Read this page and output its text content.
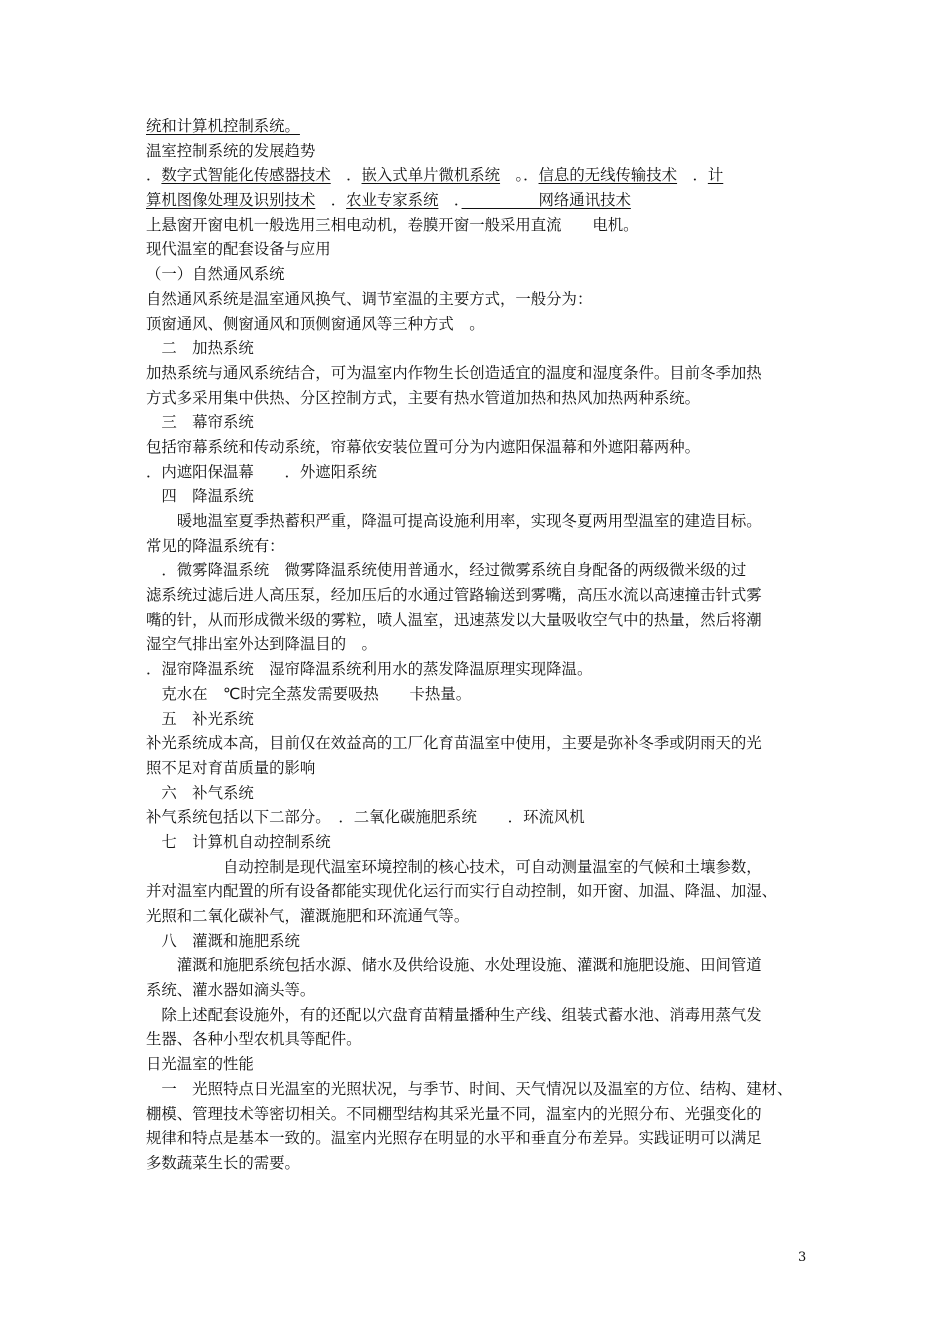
统和计算机控制系统。
温室控制系统的发展趋势
．数字式智能化传感器技术　．嵌入式单片微机系统　。．信息的无线传输技术　．计
算机图像处理及识别技术　．农业专家系统　．　　　　　网络通讯技术
上悬窗开窗电机一般选用三相电动机，卷膜开窗一般采用直流　　电机。
现代温室的配套设备与应用
（一）自然通风系统
自然通风系统是温室通风换气、调节室温的主要方式，一般分为：
顶窗通风、侧窗通风和顶侧窗通风等三种方式　。
　二　加热系统
加热系统与通风系统结合，可为温室内作物生长创造适宜的温度和湿度条件。目前冬季加热
方式多采用集中供热、分区控制方式，主要有热水管道加热和热风加热两种系统。
　三　幕帘系统
包括帘幕系统和传动系统，帘幕依安装位置可分为内遮阳保温幕和外遮阳幕两种。
．内遮阳保温幕　　．外遮阳系统
　四　降温系统
　　暖地温室夏季热蓄积严重，降温可提高设施利用率，实现冬夏两用型温室的建造目标。
常见的降温系统有：
　．微雾降温系统　微雾降温系统使用普通水，经过微雾系统自身配备的两级微米级的过
滤系统过滤后进人高压泵，经加压后的水通过管路输送到雾嘴，高压水流以高速撞击针式雾
嘴的针，从而形成微米级的雾粒，喷人温室，迅速蒸发以大量吸收空气中的热量，然后将潮
湿空气排出室外达到降温目的　。
．湿帘降温系统　湿帘降温系统利用水的蒸发降温原理实现降温。
　克水在　℃时完全蒸发需要吸热　　卡热量。
　五　补光系统
补光系统成本高，目前仅在效益高的工厂化育苗温室中使用，主要是弥补冬季或阴雨天的光
照不足对育苗质量的影响
　六　补气系统
补气系统包括以下二部分。　．二氧化碳施肥系统　　．环流风机
　七　计算机自动控制系统
　　　　　自动控制是现代温室环境控制的核心技术，可自动测量温室的气候和土壤参数，
并对温室内配置的所有设备都能实现优化运行而实行自动控制，如开窗、加温、降温、加湿、
光照和二氧化碳补气，灌溉施肥和环流通气等。
　八　灌溉和施肥系统
　　灌溉和施肥系统包括水源、储水及供给设施、水处理设施、灌溉和施肥设施、田间管道
系统、灌水器如滴头等。
　除上述配套设施外，有的还配以穴盘育苗精量播种生产线、组装式蓄水池、消毒用蒸气发
生器、各种小型农机具等配件。
日光温室的性能
　一　光照特点日光温室的光照状况，与季节、时间、天气情况以及温室的方位、结构、建材、
棚模、管理技术等密切相关。不同棚型结构其采光量不同，温室内的光照分布、光强变化的
规律和特点是基本一致的。温室内光照存在明显的水平和垂直分布差异。实践证明可以满足
多数蔬菜生长的需要。
3
